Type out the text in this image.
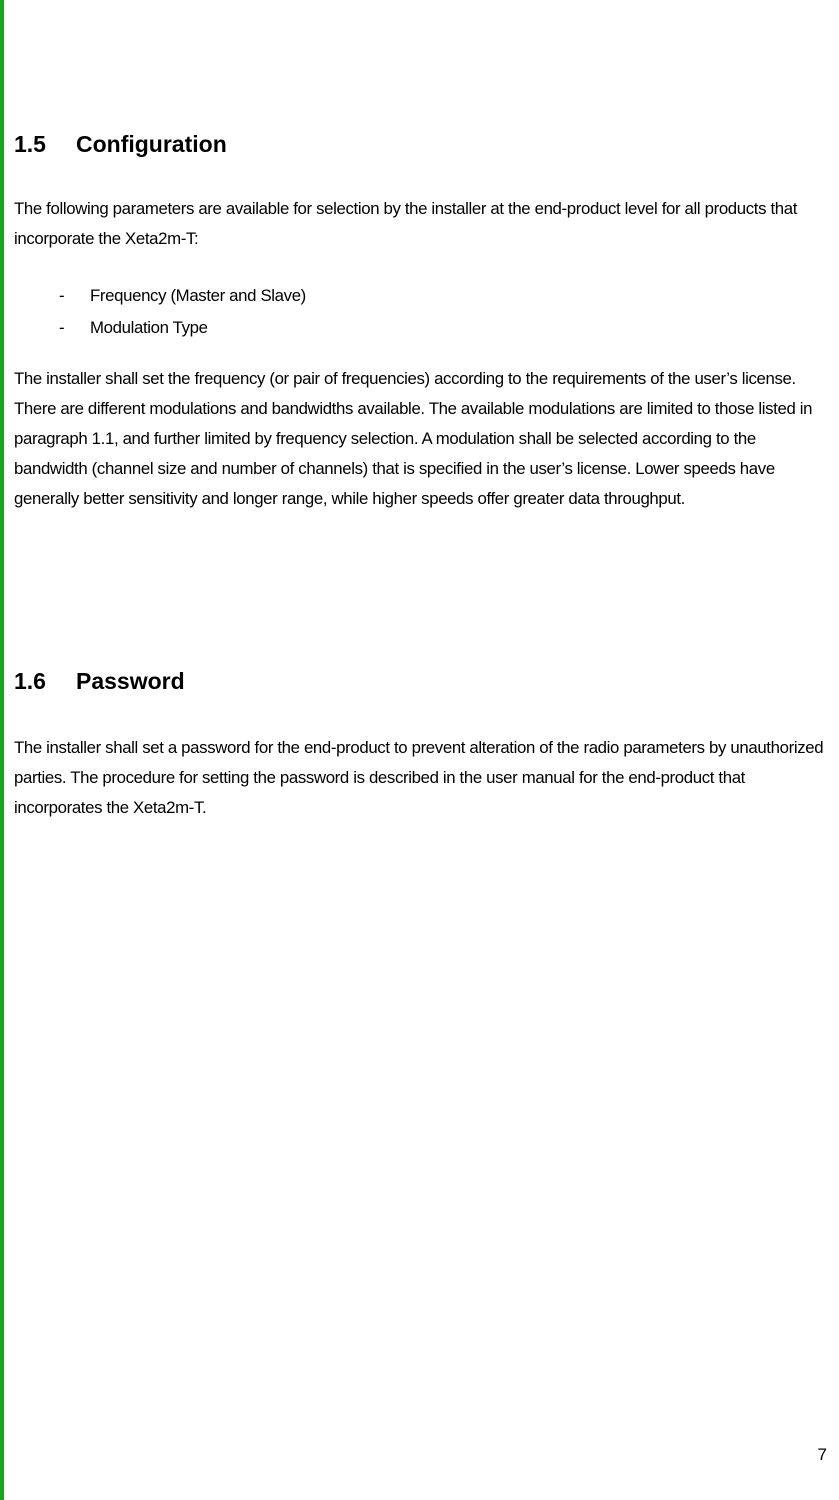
1.5 Configuration

The following parameters are available for selection by the installer at the end-product level for all products that incorporate the Xeta2m-T:

- Frequency (Master and Slave)
- Modulation Type

The installer shall set the frequency (or pair of frequencies) according to the requirements of the user’s license. There are different modulations and bandwidths available. The available modulations are limited to those listed in paragraph 1.1, and further limited by frequency selection. A modulation shall be selected according to the bandwidth (channel size and number of channels) that is specified in the user’s license. Lower speeds have generally better sensitivity and longer range, while higher speeds offer greater data throughput.

1.6 Password

The installer shall set a password for the end-product to prevent alteration of the radio parameters by unauthorized parties. The procedure for setting the password is described in the user manual for the end-product that incorporates the Xeta2m-T.

7
